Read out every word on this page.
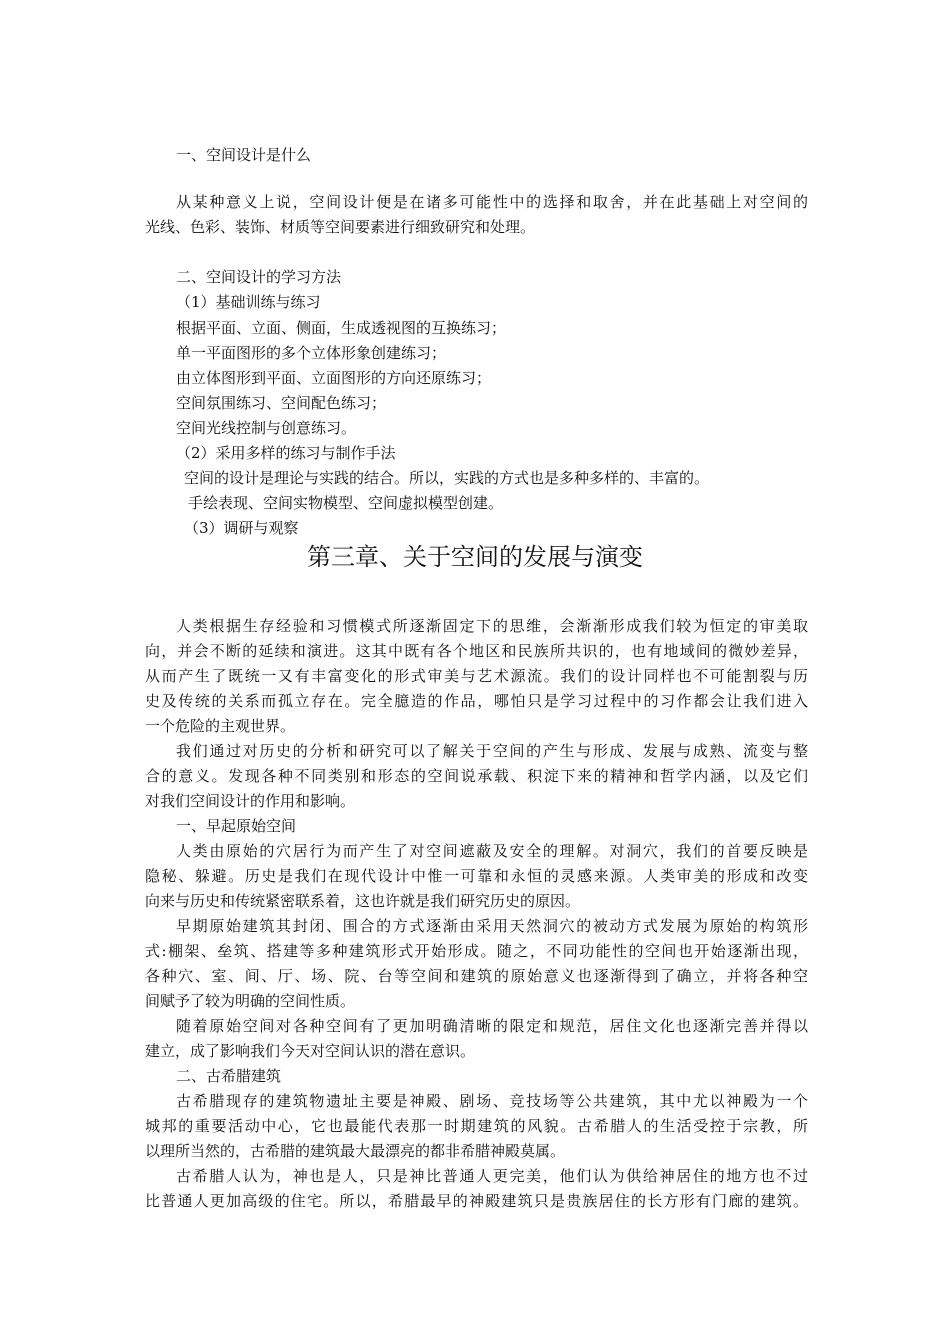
一、空间设计是什么
从某种意义上说，空间设计便是在诸多可能性中的选择和取舍，并在此基础上对空间的
光线、色彩、装饰、材质等空间要素进行细致研究和处理。
二、空间设计的学习方法
（1）基础训练与练习
根据平面、立面、侧面，生成透视图的互换练习；
单一平面图形的多个立体形象创建练习；
由立体图形到平面、立面图形的方向还原练习；
空间氛围练习、空间配色练习；
空间光线控制与创意练习。
（2）采用多样的练习与制作手法
空间的设计是理论与实践的结合。所以，实践的方式也是多种多样的、丰富的。
手绘表现、空间实物模型、空间虚拟模型创建。
（3）调研与观察
第三章、关于空间的发展与演变
人类根据生存经验和习惯模式所逐渐固定下的思维，会渐渐形成我们较为恒定的审美取
向，并会不断的延续和演进。这其中既有各个地区和民族所共识的，也有地域间的微妙差异，
从而产生了既统一又有丰富变化的形式审美与艺术源流。我们的设计同样也不可能割裂与历
史及传统的关系而孤立存在。完全臆造的作品，哪怕只是学习过程中的习作都会让我们进入
一个危险的主观世界。
我们通过对历史的分析和研究可以了解关于空间的产生与形成、发展与成熟、流变与整
合的意义。发现各种不同类别和形态的空间说承载、积淀下来的精神和哲学内涵，以及它们
对我们空间设计的作用和影响。
一、早起原始空间
人类由原始的穴居行为而产生了对空间遮蔽及安全的理解。对洞穴，我们的首要反映是
隐秘、躲避。历史是我们在现代设计中惟一可靠和永恒的灵感来源。人类审美的形成和改变
向来与历史和传统紧密联系着，这也许就是我们研究历史的原因。
早期原始建筑其封闭、围合的方式逐渐由采用天然洞穴的被动方式发展为原始的构筑形
式:棚架、垒筑、搭建等多种建筑形式开始形成。随之，不同功能性的空间也开始逐渐出现，
各种穴、室、间、厅、场、院、台等空间和建筑的原始意义也逐渐得到了确立，并将各种空
间赋予了较为明确的空间性质。
随着原始空间对各种空间有了更加明确清晰的限定和规范，居住文化也逐渐完善并得以
建立，成了影响我们今天对空间认识的潜在意识。
二、古希腊建筑
古希腊现存的建筑物遗址主要是神殿、剧场、竞技场等公共建筑，其中尤以神殿为一个
城邦的重要活动中心，它也最能代表那一时期建筑的风貌。古希腊人的生活受控于宗教，所
以理所当然的，古希腊的建筑最大最漂亮的都非希腊神殿莫属。
古希腊人认为，神也是人，只是神比普通人更完美，他们认为供给神居住的地方也不过
比普通人更加高级的住宅。所以，希腊最早的神殿建筑只是贵族居住的长方形有门廊的建筑。
